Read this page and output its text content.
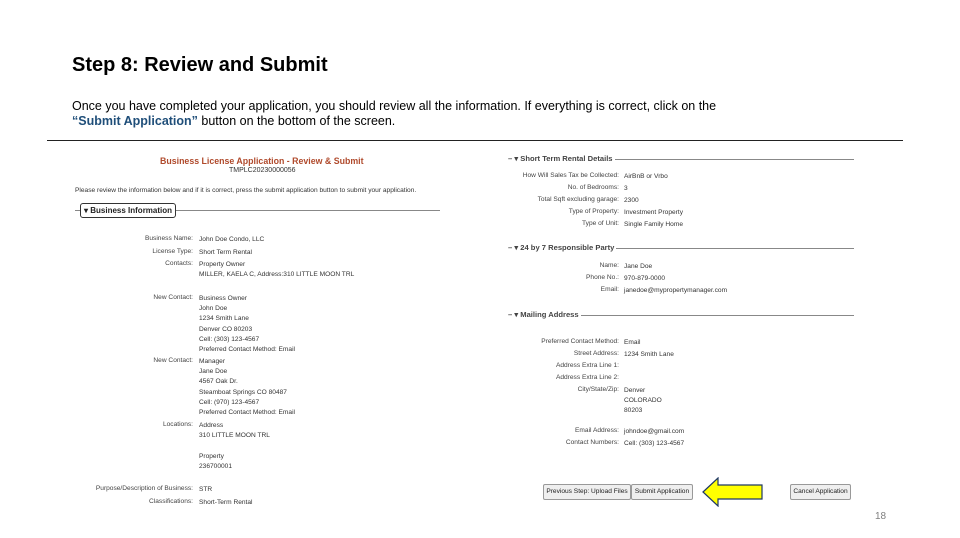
Step 8: Review and Submit
Once you have completed your application, you should review all the information. If everything is correct, click on the
“Submit Application” button on the bottom of the screen.
Business License Application - Review & Submit
TMPLC20230000056
Please review the information below and if it is correct, press the submit application button to submit your application.
▾ Business Information
Business Name: John Doe Condo, LLC
License Type: Short Term Rental
Contacts: Property Owner
MILLER, KAELA C, Address:310 LITTLE MOON TRL
New Contact: Business Owner
John Doe
1234 Smith Lane
Denver CO 80203
Cell: (303) 123-4567
Preferred Contact Method: Email
New Contact: Manager
Jane Doe
4567 Oak Dr.
Steamboat Springs CO 80487
Cell: (970) 123-4567
Preferred Contact Method: Email
Locations: Address
310 LITTLE MOON TRL

Property
236700001
Purpose/Description of Business: STR
Classifications: Short-Term Rental
– ▾ Short Term Rental Details
How Will Sales Tax be Collected: AirBnB or Vrbo
No. of Bedrooms: 3
Total Sqft excluding garage: 2300
Type of Property: Investment Property
Type of Unit: Single Family Home
– ▾ 24 by 7 Responsible Party
Name: Jane Doe
Phone No.: 970-879-0000
Email: janedoe@mypropertymanager.com
– ▾ Mailing Address
Preferred Contact Method: Email
Street Address: 1234 Smith Lane
Address Extra Line 1:
Address Extra Line 2:
City/State/Zip: Denver
COLORADO
80203
Email Address: johndoe@gmail.com
Contact Numbers: Cell: (303) 123-4567
Previous Step: Upload Files	Submit Application	Cancel Application
18
